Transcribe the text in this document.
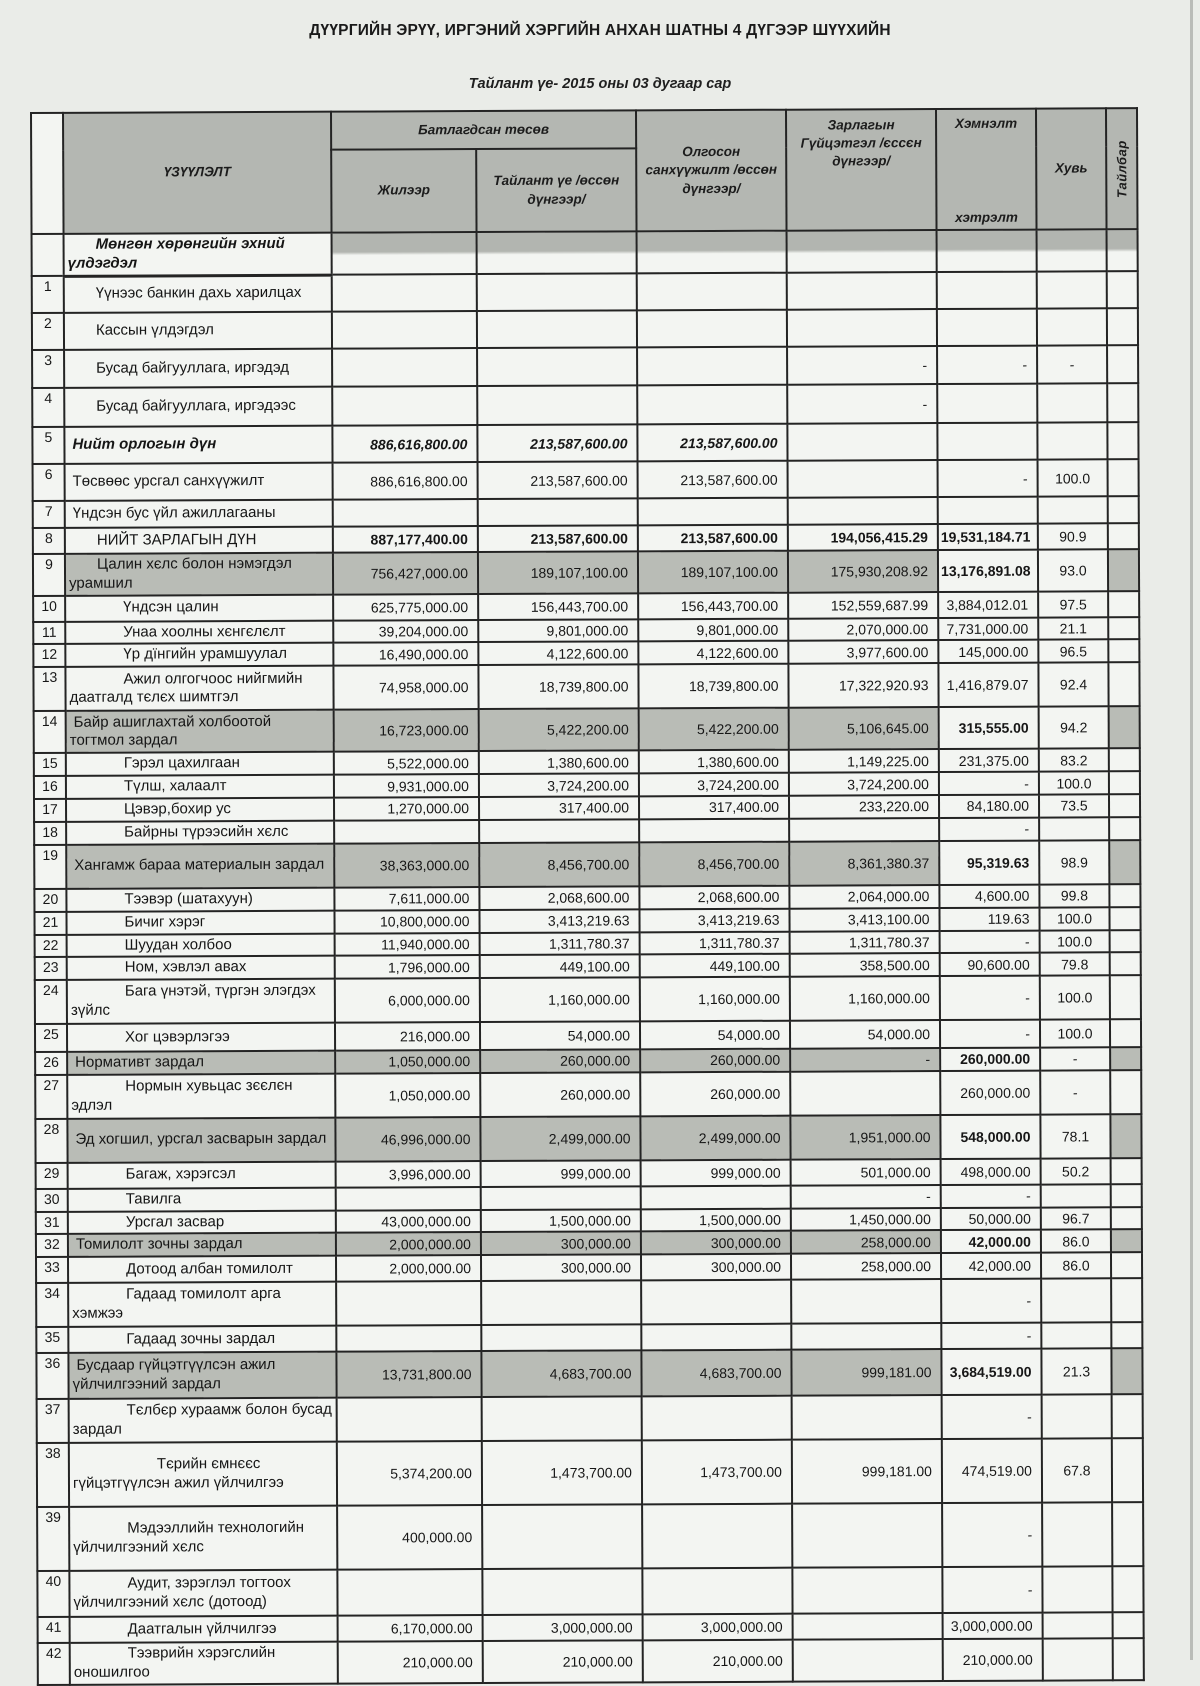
ДҮҮРГИЙН ЭРҮҮ, ИРГЭНИЙ ХЭРГИЙН АНХАН ШАТНЫ 4 ДҮГЭЭР ШҮҮХИЙН
Тайлант үе- 2015 оны 03 дугаар сар
	ҮЗҮҮЛЭЛТ	Батлагдсан төсөв		Олгосон санхүүжилт /өссөн дүнгээр/	Зарлагын Гүйцэтгэл /єссєн дүнгээр/	Хэмнэлт
хэтрэлт	Хувь	Тайлбар

		Жилээр	Тайлант үе /өссөн дүнгээр/					

	Мөнгөн хөрөнгийн эхний үлдэгдэл							

1	Үүнээс банкин дахь харилцах							

2	Кассын үлдэгдэл							

3	Бусад байгууллага, иргэдэд				-	-	-	
4	Бусад байгууллага, иргэдээс				-			
5	Нийт орлогын дүн	886,616,800.00	213,587,600.00	213,587,600.00				
6	Төсвөөс урсгал санхүүжилт	886,616,800.00	213,587,600.00	213,587,600.00		-	100.0	
7	Үндсэн бус үйл ажиллагааны							

8	НИЙТ ЗАРЛАГЫН ДҮН	887,177,400.00	213,587,600.00	213,587,600.00	194,056,415.29	19,531,184.71	90.9	
9	Цалин хєлс болон нэмэгдэл урамшил	756,427,000.00	189,107,100.00	189,107,100.00	175,930,208.92	13,176,891.08	93.0	
10	Үндсэн цалин	625,775,000.00	156,443,700.00	156,443,700.00	152,559,687.99	3,884,012.01	97.5	
11	Унаа хоолны хєнгєлєлт	39,204,000.00	9,801,000.00	9,801,000.00	2,070,000.00	7,731,000.00	21.1	
12	Үр дїнгийн урамшуулал	16,490,000.00	4,122,600.00	4,122,600.00	3,977,600.00	145,000.00	96.5	
13	Ажил олгогчоос нийгмийн даатгалд тєлєх шимтгэл	74,958,000.00	18,739,800.00	18,739,800.00	17,322,920.93	1,416,879.07	92.4	
14	Байр ашиглахтай холбоотой тогтмол зардал	16,723,000.00	5,422,200.00	5,422,200.00	5,106,645.00	315,555.00	94.2	
15	Гэрэл цахилгаан	5,522,000.00	1,380,600.00	1,380,600.00	1,149,225.00	231,375.00	83.2	
16	Түлш, халаалт	9,931,000.00	3,724,200.00	3,724,200.00	3,724,200.00	-	100.0	
17	Цэвэр,бохир ус	1,270,000.00	317,400.00	317,400.00	233,220.00	84,180.00	73.5	
18	Байрны түрээсийн хєлс					-		
19	Хангамж бараа материалын зардал	38,363,000.00	8,456,700.00	8,456,700.00	8,361,380.37	95,319.63	98.9	
20	Тээвэр (шатахуун)	7,611,000.00	2,068,600.00	2,068,600.00	2,064,000.00	4,600.00	99.8	
21	Бичиг хэрэг	10,800,000.00	3,413,219.63	3,413,219.63	3,413,100.00	119.63	100.0	
22	Шуудан холбоо	11,940,000.00	1,311,780.37	1,311,780.37	1,311,780.37	-	100.0	
23	Ном, хэвлэл авах	1,796,000.00	449,100.00	449,100.00	358,500.00	90,600.00	79.8	
24	Бага үнэтэй, түргэн элэгдэх зүйлс	6,000,000.00	1,160,000.00	1,160,000.00	1,160,000.00	-	100.0	
25	Хог цэвэрлэгээ	216,000.00	54,000.00	54,000.00	54,000.00	-	100.0	
26	Нормативт зардал	1,050,000.00	260,000.00	260,000.00	-	260,000.00	-	
27	Нормын хувьцас зєєлєн эдлэл	1,050,000.00	260,000.00	260,000.00		260,000.00	-	
28	Эд хогшил, урсгал засварын зардал	46,996,000.00	2,499,000.00	2,499,000.00	1,951,000.00	548,000.00	78.1	
29	Багаж, хэрэгсэл	3,996,000.00	999,000.00	999,000.00	501,000.00	498,000.00	50.2	
30	Тавилга				-	-		
31	Урсгал засвар	43,000,000.00	1,500,000.00	1,500,000.00	1,450,000.00	50,000.00	96.7	
32	Томилолт зочны зардал	2,000,000.00	300,000.00	300,000.00	258,000.00	42,000.00	86.0	
33	Дотоод албан томилолт	2,000,000.00	300,000.00	300,000.00	258,000.00	42,000.00	86.0	
34	Гадаад томилолт арга хэмжээ					-		
35	Гадаад зочны зардал					-		
36	Бусдаар гүйцэтгүүлсэн ажил үйлчилгээний зардал	13,731,800.00	4,683,700.00	4,683,700.00	999,181.00	3,684,519.00	21.3	
37	Тєлбєр хураамж болон бусад зардал					-		
38	Тєрийн ємнєєс гүйцэтгүүлсэн ажил үйлчилгээ	5,374,200.00	1,473,700.00	1,473,700.00	999,181.00	474,519.00	67.8	
39	Мэдээллийн технологийн үйлчилгээний хєлс	400,000.00				-		
40	Аудит, зэрэглэл тогтоох үйлчилгээний хєлс (дотоод)					-		
41	Даатгалын үйлчилгээ	6,170,000.00	3,000,000.00	3,000,000.00		3,000,000.00		
42	Тээврийн хэрэгслийн оношилгоо	210,000.00	210,000.00	210,000.00		210,000.00		
